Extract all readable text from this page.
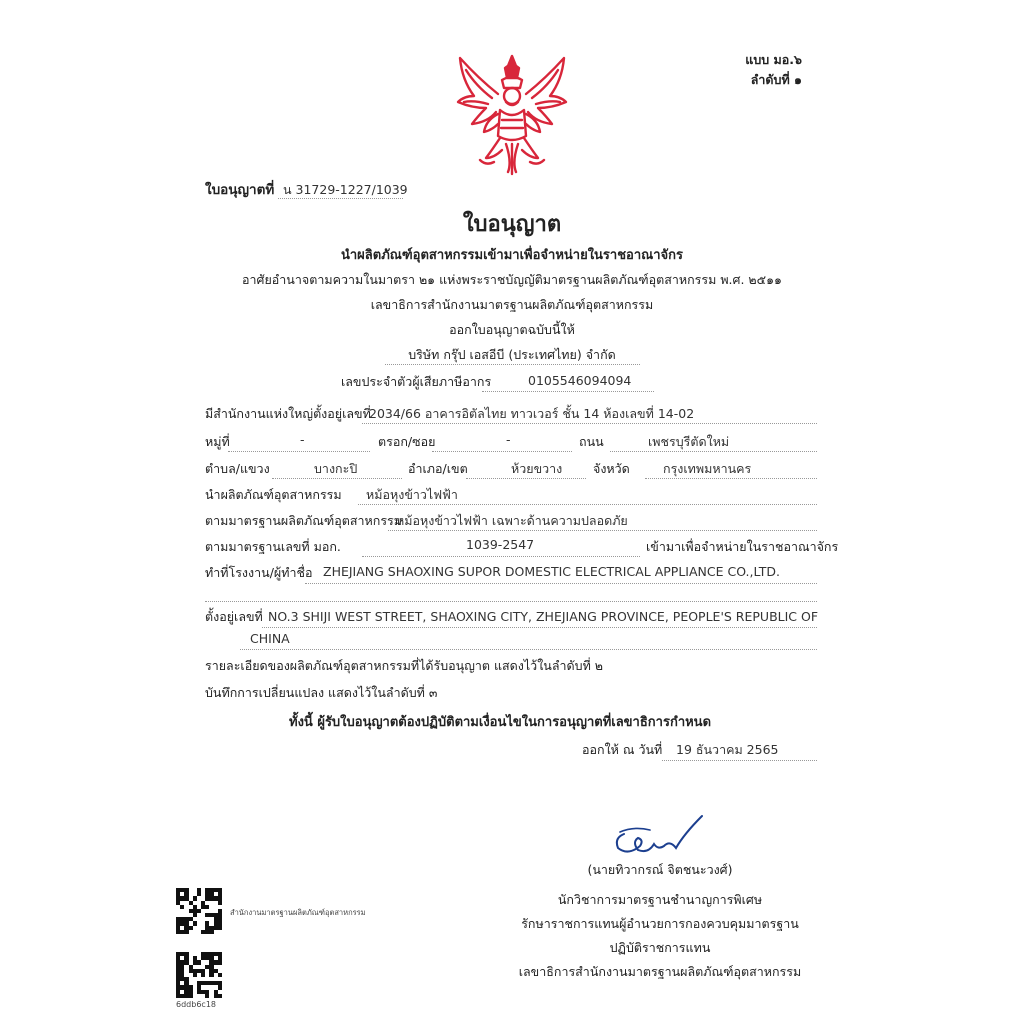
แบบ มอ.๖
ลำดับที่ ๑
ใบอนุญาตที่ น 31729-1227/1039
ใบอนุญาต
นำผลิตภัณฑ์อุตสาหกรรมเข้ามาเพื่อจำหน่ายในราชอาณาจักร
อาศัยอำนาจตามความในมาตรา ๒๑ แห่งพระราชบัญญัติมาตรฐานผลิตภัณฑ์อุตสาหกรรม พ.ศ. ๒๕๑๑
เลขาธิการสำนักงานมาตรฐานผลิตภัณฑ์อุตสาหกรรม
ออกใบอนุญาตฉบับนี้ให้
บริษัท กรุ๊ป เอสอีบี (ประเทศไทย) จำกัด
เลขประจำตัวผู้เสียภาษีอากร	0105546094094
มีสำนักงานแห่งใหญ่ตั้งอยู่เลขที่
2034/66 อาคารอิตัลไทย ทาวเวอร์ ชั้น 14 ห้องเลขที่ 14-02
หมู่ที่	-	ตรอก/ซอย	-	ถนน	เพชรบุรีตัดใหม่
ตำบล/แขวง	บางกะปิ	อำเภอ/เขต	ห้วยขวาง จังหวัด	กรุงเทพมหานคร
นำผลิตภัณฑ์อุตสาหกรรม หม้อหุงข้าวไฟฟ้า
ตามมาตรฐานผลิตภัณฑ์อุตสาหกรรม
หม้อหุงข้าวไฟฟ้า เฉพาะด้านความปลอดภัย
ตามมาตรฐานเลขที่ มอก.	1039-2547	เข้ามาเพื่อจำหน่ายในราชอาณาจักร
ทำที่โรงงาน/ผู้ทำชื่อ ZHEJIANG SHAOXING SUPOR DOMESTIC ELECTRICAL APPLIANCE CO.,LTD.
ตั้งอยู่เลขที่ NO.3 SHIJI WEST STREET, SHAOXING CITY, ZHEJIANG PROVINCE, PEOPLE'S REPUBLIC OF
CHINA
รายละเอียดของผลิตภัณฑ์อุตสาหกรรมที่ได้รับอนุญาต แสดงไว้ในลำดับที่ ๒
บันทึกการเปลี่ยนแปลง แสดงไว้ในลำดับที่ ๓
ทั้งนี้ ผู้รับใบอนุญาตต้องปฏิบัติตามเงื่อนไขในการอนุญาตที่เลขาธิการกำหนด
ออกให้ ณ วันที่ 19 ธันวาคม 2565
(นายทิวากรณ์ จิตชนะวงศ์)
นักวิชาการมาตรฐานชำนาญการพิเศษ
รักษาราชการแทนผู้อำนวยการกองควบคุมมาตรฐาน
ปฏิบัติราชการแทน
เลขาธิการสำนักงานมาตรฐานผลิตภัณฑ์อุตสาหกรรม
สำนักงานมาตรฐานผลิตภัณฑ์อุตสาหกรรม
6ddb6c18
